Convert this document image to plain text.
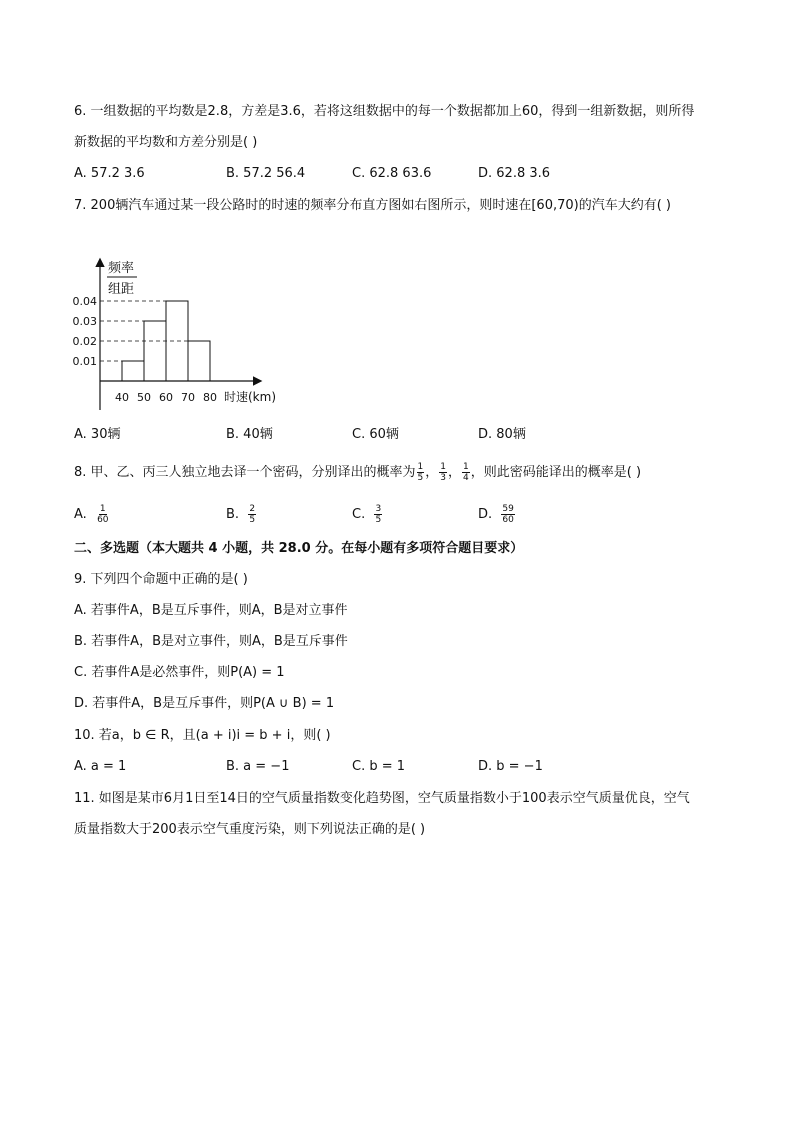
6. 一组数据的平均数是2.8，方差是3.6，若将这组数据中的每一个数据都加上60，得到一组新数据，则所得
新数据的平均数和方差分别是( )
A. 57.2 3.6	B. 57.2 56.4	C. 62.8 63.6	D. 62.8 3.6
7. 200辆汽车通过某一段公路时的时速的频率分布直方图如右图所示，则时速在[60,70)的汽车大约有( )
频率
组距
0.01
0.02
0.03
0.04
40 50 60 70 80 时速(km)
A. 30辆	B. 40辆	C. 60辆	D. 80辆
8. 甲、乙、丙三人独立地去译一个密码，分别译出的概率为 $\frac{1}{5}$ ， $\frac{1}{3}$ ， $\frac{1}{4}$ ，则此密码能译出的概率是( )
A. $\frac{1}{60}$	B. $\frac{2}{5}$	C. $\frac{3}{5}$	D. $\frac{59}{60}$
二、多选题（本大题共 4 小题，共 28.0 分。在每小题有多项符合题目要求）
9. 下列四个命题中正确的是( )
A. 若事件A，B是互斥事件，则A，B是对立事件
B. 若事件A，B是对立事件，则A，B是互斥事件
C. 若事件A是必然事件，则P(A) = 1
D. 若事件A，B是互斥事件，则P(A ∪ B) = 1
10. 若a，b ∈ R，且(a + i)i = b + i，则( )
A. a = 1	B. a = −1	C. b = 1	D. b = −1
11. 如图是某市6月1日至14日的空气质量指数变化趋势图，空气质量指数小于100表示空气质量优良，空气
质量指数大于200表示空气重度污染，则下列说法正确的是( )
